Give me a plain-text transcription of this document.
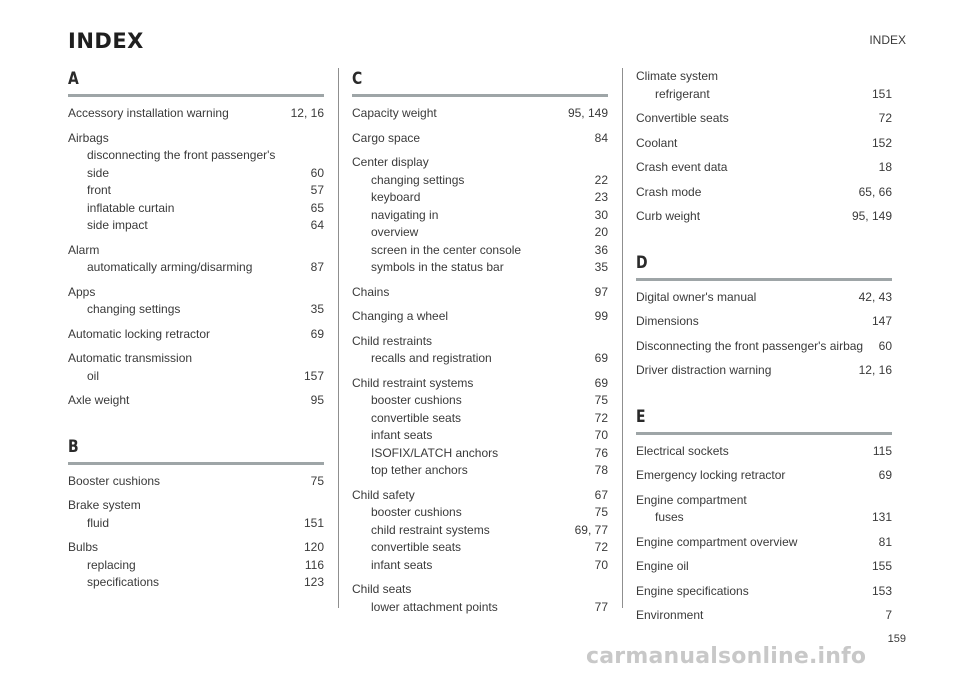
INDEX	INDEX
A
Accessory installation warning	12, 16
Airbags
disconnecting the front passenger's
side	60
front	57
inflatable curtain	65
side impact	64
Alarm
automatically arming/disarming	87
Apps
changing settings	35
Automatic locking retractor	69
Automatic transmission
oil	157
Axle weight	95
B
Booster cushions	75
Brake system
fluid	151
Bulbs	120
replacing	116
specifications	123
C
Capacity weight	95, 149
Cargo space	84
Center display
changing settings	22
keyboard	23
navigating in	30
overview	20
screen in the center console	36
symbols in the status bar	35
Chains	97
Changing a wheel	99
Child restraints
recalls and registration	69
Child restraint systems	69
booster cushions	75
convertible seats	72
infant seats	70
ISOFIX/LATCH anchors	76
top tether anchors	78
Child safety	67
booster cushions	75
child restraint systems	69, 77
convertible seats	72
infant seats	70
Child seats
lower attachment points	77
Climate system
refrigerant	151
Convertible seats	72
Coolant	152
Crash event data	18
Crash mode	65, 66
Curb weight	95, 149
D
Digital owner's manual	42, 43
Dimensions	147
Disconnecting the front passenger's airbag	60
Driver distraction warning	12, 16
E
Electrical sockets	115
Emergency locking retractor	69
Engine compartment
fuses	131
Engine compartment overview	81
Engine oil	155
Engine specifications	153
Environment	7
159
carmanualsonline.info
